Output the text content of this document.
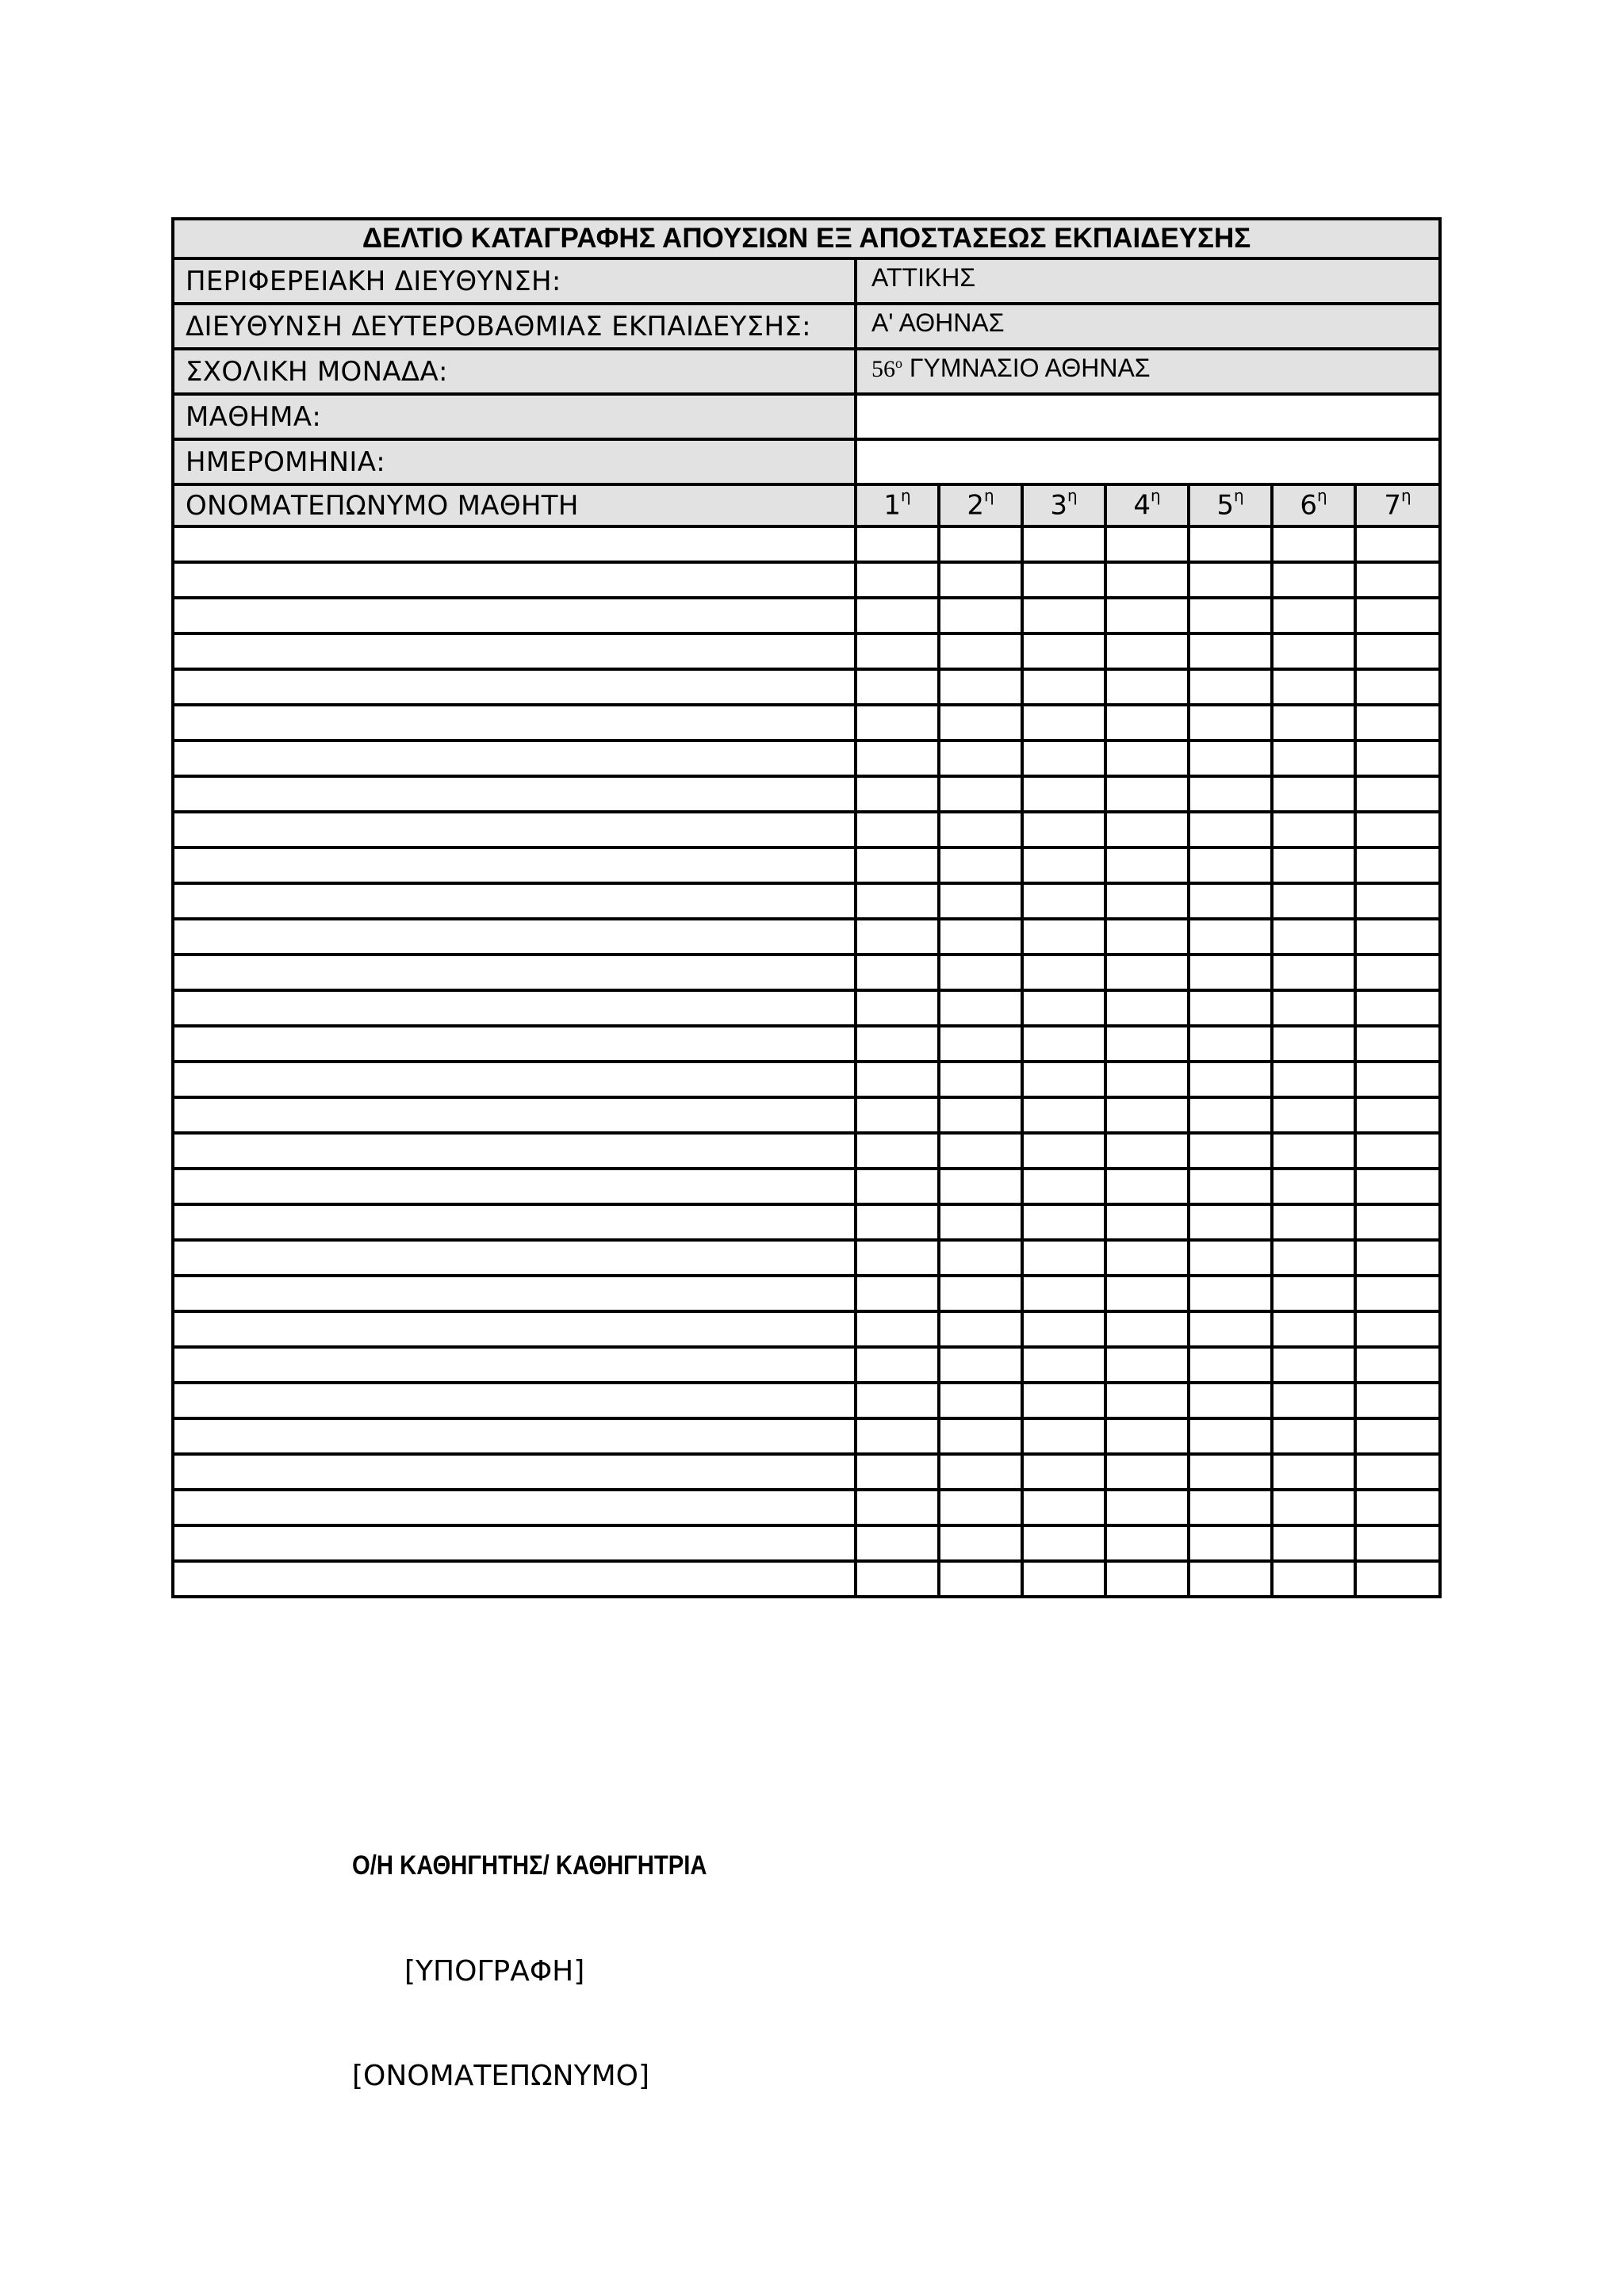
ΔΕΛΤΙΟ ΚΑΤΑΓΡΑΦΗΣ ΑΠΟΥΣΙΩΝ ΕΞ ΑΠΟΣΤΑΣΕΩΣ ΕΚΠΑΙΔΕΥΣΗΣ							
ΠΕΡΙΦΕΡΕΙΑΚΗ ΔΙΕΥΘΥΝΣΗ:	ΑΤΤΙΚΗΣ						
ΔΙΕΥΘΥΝΣΗ ΔΕΥΤΕΡΟΒΑΘΜΙΑΣ ΕΚΠΑΙΔΕΥΣΗΣ:	Α' ΑΘΗΝΑΣ						
ΣΧΟΛΙΚΗ ΜΟΝΑΔΑ:	$56^o$ ΓΥΜΝΑΣΙΟ ΑΘΗΝΑΣ						
ΜΑΘΗΜΑ:							
ΗΜΕΡΟΜΗΝΙΑ:							
ΟΝΟΜΑΤΕΠΩΝΥΜΟ ΜΑΘΗΤΗ	$1^\eta$	$2^\eta$	$3^\eta$	$4^\eta$	$5^\eta$	$6^\eta$	$7^\eta$

Ο/Η ΚΑΘΗΓΗΤΗΣ/ ΚΑΘΗΓΗΤΡΙΑ
[ΥΠΟΓΡΑΦΗ]
[ΟΝΟΜΑΤΕΠΩΝΥΜΟ]
